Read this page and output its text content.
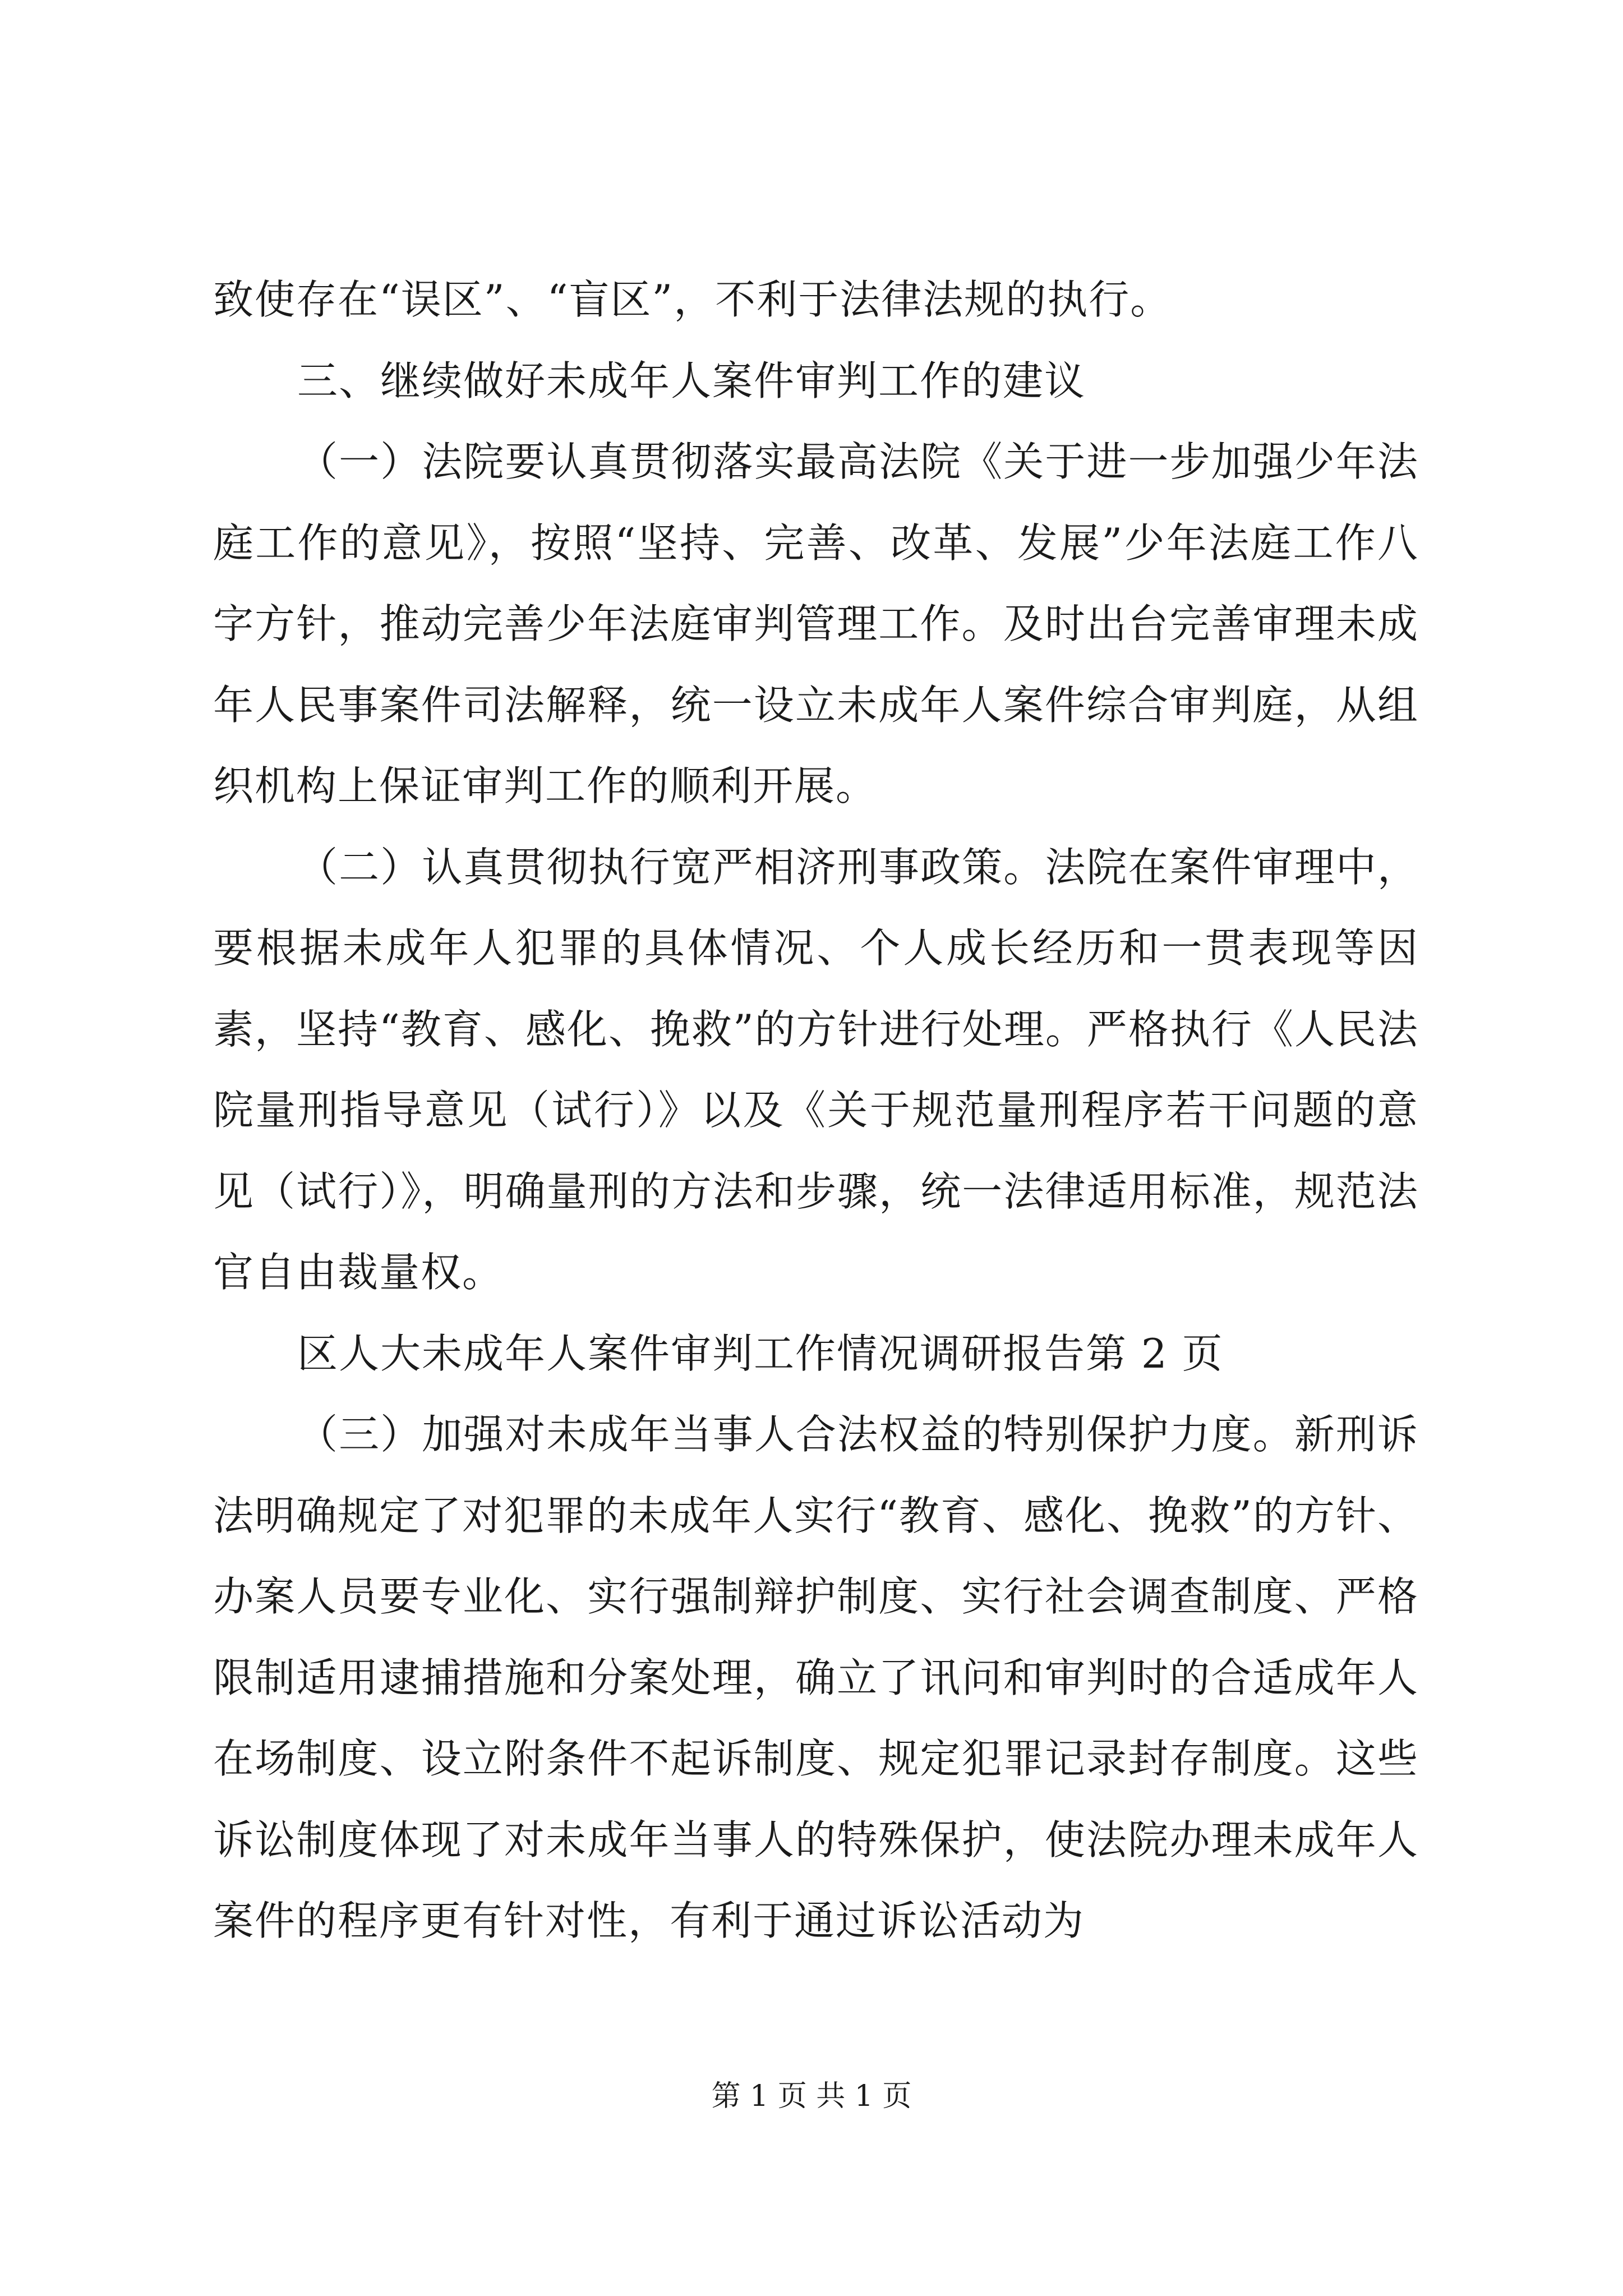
致使存在“误区”、“盲区”，不利于法律法规的执行。

三、继续做好未成年人案件审判工作的建议

（一）法院要认真贯彻落实最高法院《关于进一步加强少年法庭工作的意见》，按照“坚持、完善、改革、发展”少年法庭工作八字方针，推动完善少年法庭审判管理工作。及时出台完善审理未成年人民事案件司法解释，统一设立未成年人案件综合审判庭，从组织机构上保证审判工作的顺利开展。

（二）认真贯彻执行宽严相济刑事政策。法院在案件审理中，要根据未成年人犯罪的具体情况、个人成长经历和一贯表现等因素，坚持“教育、感化、挽救”的方针进行处理。严格执行《人民法院量刑指导意见（试行）》以及《关于规范量刑程序若干问题的意见（试行）》，明确量刑的方法和步骤，统一法律适用标准，规范法官自由裁量权。

区人大未成年人案件审判工作情况调研报告第 2 页

（三）加强对未成年当事人合法权益的特别保护力度。新刑诉法明确规定了对犯罪的未成年人实行“教育、感化、挽救”的方针、办案人员要专业化、实行强制辩护制度、实行社会调查制度、严格限制适用逮捕措施和分案处理，确立了讯问和审判时的合适成年人在场制度、设立附条件不起诉制度、规定犯罪记录封存制度。这些诉讼制度体现了对未成年当事人的特殊保护，使法院办理未成年人案件的程序更有针对性，有利于通过诉讼活动为

第 1 页 共 1 页
